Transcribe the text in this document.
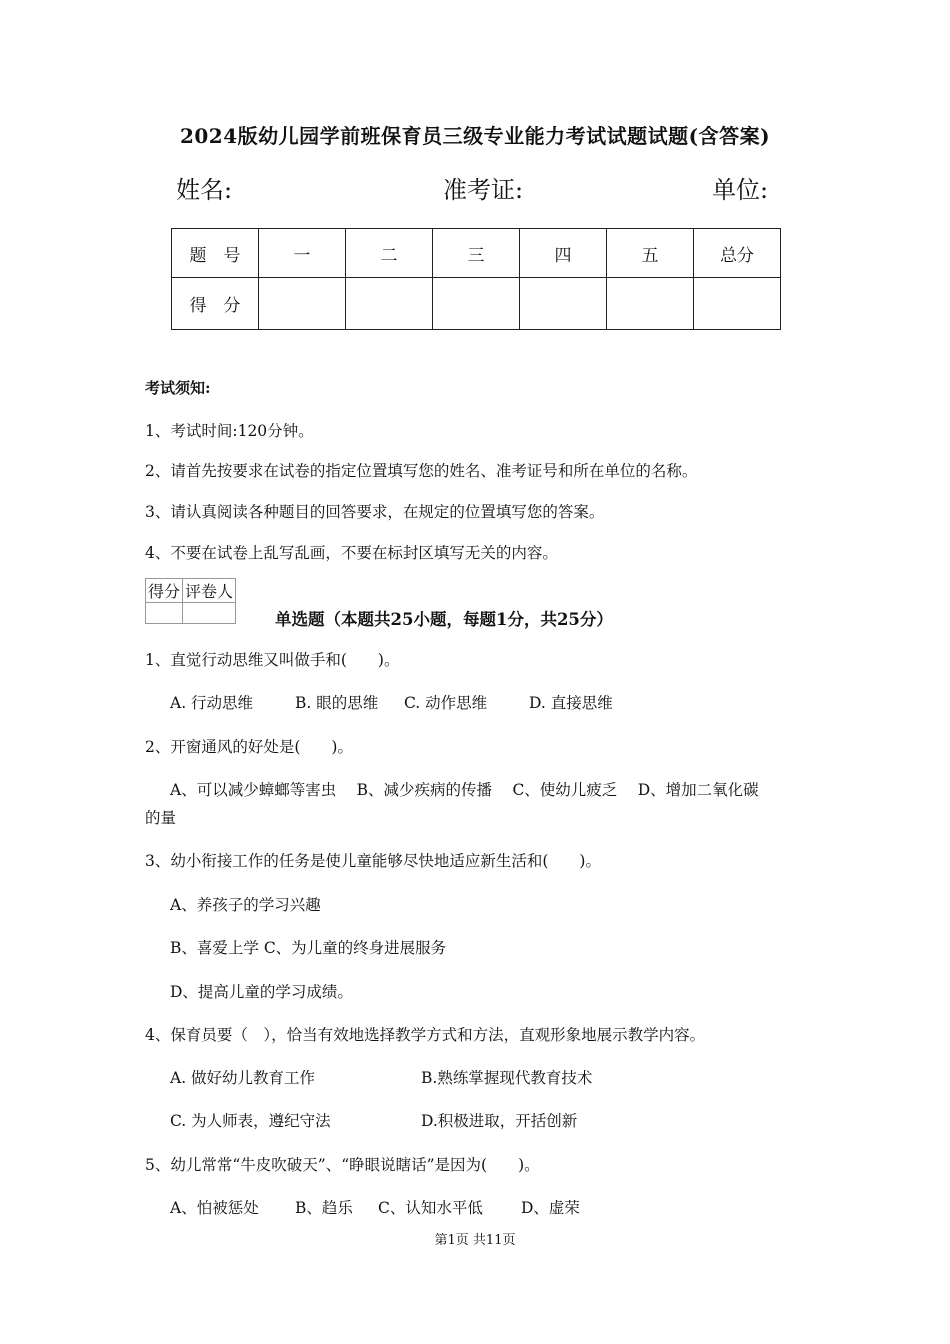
2024版幼儿园学前班保育员三级专业能力考试试题试题(含答案)
姓名:	准考证:	单位:
题　号	一	二	三	四	五	总分
得　分						
考试须知:
1、考试时间:120分钟。
2、请首先按要求在试卷的指定位置填写您的姓名、准考证号和所在单位的名称。
3、请认真阅读各种题目的回答要求，在规定的位置填写您的答案。
4、不要在试卷上乱写乱画，不要在标封区填写无关的内容。
得分	评卷人

单选题（本题共25小题，每题1分，共25分）
1、直觉行动思维又叫做手和(　　)。
A. 行动思维	B. 眼的思维 C. 动作思维	D. 直接思维
2、开窗通风的好处是(　　)。
A、可以减少蟑螂等害虫　 B、减少疾病的传播　 C、使幼儿疲乏　 D、增加二氧化碳
的量
3、幼小衔接工作的任务是使儿童能够尽快地适应新生活和(　　)。
A、养孩子的学习兴趣
B、喜爱上学 C、为儿童的终身进展服务
D、提高儿童的学习成绩。
4、保育员要（　），恰当有效地选择教学方式和方法，直观形象地展示教学内容。
A. 做好幼儿教育工作	B.熟练掌握现代教育技术
C. 为人师表，遵纪守法	D.积极进取，开括创新
5、幼儿常常“牛皮吹破天”、“睁眼说瞎话”是因为(　　)。
A、怕被惩处 B、趋乐 C、认知水平低 D、虚荣
第1页 共11页
